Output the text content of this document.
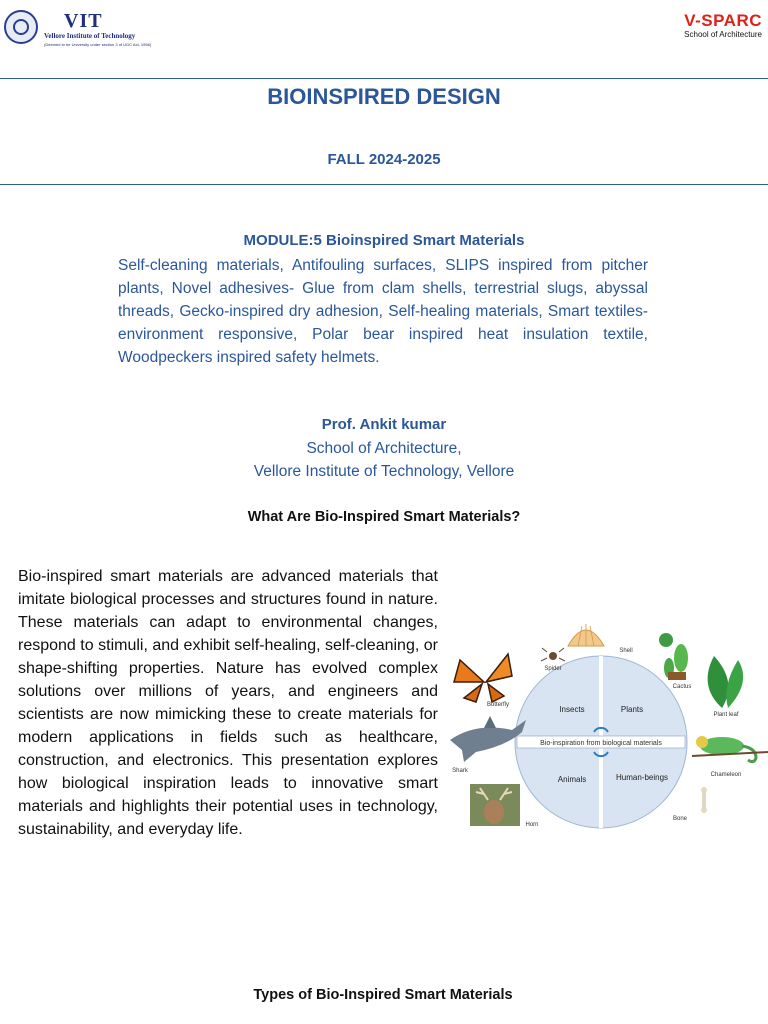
VIT
Vellore Institute of Technology
(Deemed to be University under section 3 of UGC Act, 1956)
V-SPARC
School of Architecture
BIOINSPIRED DESIGN
FALL 2024-2025
MODULE:5 Bioinspired Smart Materials
Self-cleaning materials, Antifouling surfaces, SLIPS inspired from pitcher plants, Novel adhesives- Glue from clam shells, terrestrial slugs, abyssal threads, Gecko-inspired dry adhesion, Self-healing materials, Smart textiles-environment responsive, Polar bear inspired heat insulation textile, Woodpeckers inspired safety helmets.
Prof. Ankit kumar
School of Architecture,
Vellore Institute of Technology, Vellore
What Are Bio-Inspired Smart Materials?
Bio-inspired smart materials are advanced materials that imitate biological processes and structures found in nature. These materials can adapt to environmental changes, respond to stimuli, and exhibit self-healing, self-cleaning, or shape-shifting properties. Nature has evolved complex solutions over millions of years, and engineers and scientists are now mimicking these to create materials for modern applications in fields such as healthcare, construction, and electronics. This presentation explores how biological inspiration leads to innovative smart materials and highlights their potential uses in technology, sustainability, and everyday life.
Bio-inspiration from biological materials
Insects	Plants
Animals	Human-beings
Spider
Shell
Cactus
Butterfly
Plant leaf
Shark
Chameleon
Horn
Bone
Types of Bio-Inspired Smart Materials
